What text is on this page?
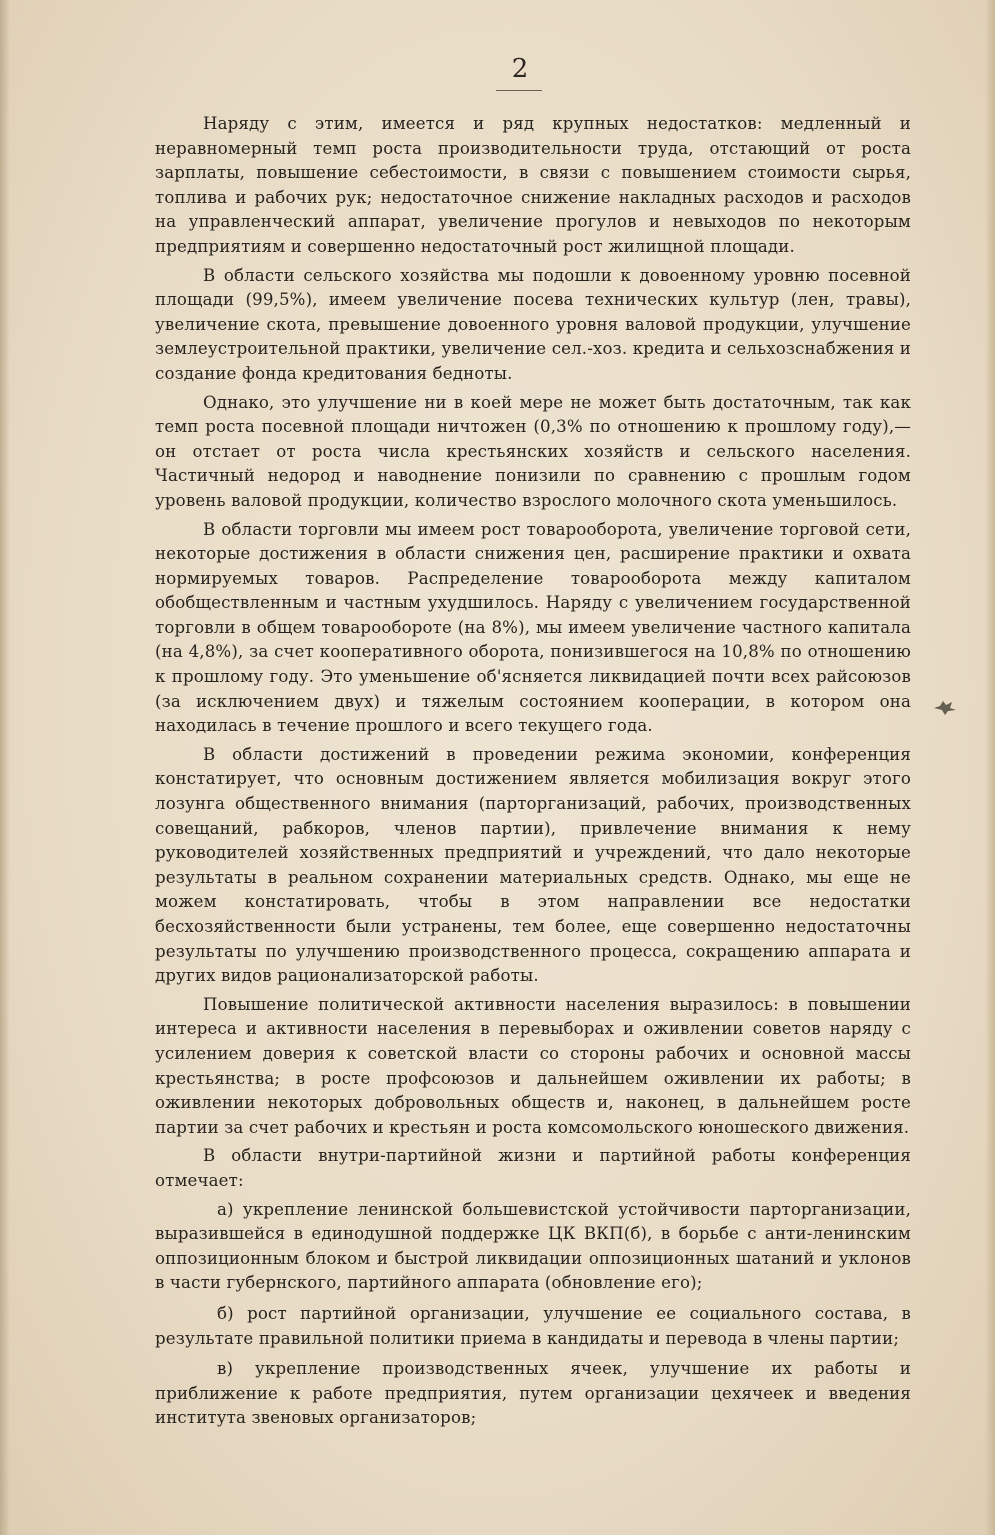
2

Наряду с этим, имеется и ряд крупных недостатков: медленный и неравномерный темп роста производительности труда, отстающий от роста зарплаты, повышение себестоимости, в связи с повышением стоимости сырья, топлива и рабочих рук; недостаточное снижение накладных расходов и расходов на управленческий аппарат, увеличение прогулов и невыходов по некоторым предприятиям и совершенно недостаточный рост жилищной площади.

В области сельского хозяйства мы подошли к довоенному уровню посевной площади (99,5%), имеем увеличение посева технических культур (лен, травы), увеличение скота, превышение довоенного уровня валовой продукции, улучшение землеустроительной практики, увеличение сел.-хоз. кредита и сельхозснабжения и создание фонда кредитования бедноты.

Однако, это улучшение ни в коей мере не может быть достаточным, так как темп роста посевной площади ничтожен (0,3% по отношению к прошлому году),—он отстает от роста числа крестьянских хозяйств и сельского населения. Частичный недород и наводнение понизили по сравнению с прошлым годом уровень валовой продукции, количество взрослого молочного скота уменьшилось.

В области торговли мы имеем рост товарооборота, увеличение торговой сети, некоторые достижения в области снижения цен, расширение практики и охвата нормируемых товаров. Распределение товарооборота между капиталом обобществленным и частным ухудшилось. Наряду с увеличением государственной торговли в общем товарообороте (на 8%), мы имеем увеличение частного капитала (на 4,8%), за счет кооперативного оборота, понизившегося на 10,8% по отношению к прошлому году. Это уменьшение об'ясняется ликвидацией почти всех райсоюзов (за исключением двух) и тяжелым состоянием кооперации, в котором она находилась в течение прошлого и всего текущего года.

В области достижений в проведении режима экономии, конференция констатирует, что основным достижением является мобилизация вокруг этого лозунга общественного внимания (парторганизаций, рабочих, производственных совещаний, рабкоров, членов партии), привлечение внимания к нему руководителей хозяйственных предприятий и учреждений, что дало некоторые результаты в реальном сохранении материальных средств. Однако, мы еще не можем констатировать, чтобы в этом направлении все недостатки бесхозяйственности были устранены, тем более, еще совершенно недостаточны результаты по улучшению производственного процесса, сокращению аппарата и других видов рационализаторской работы.

Повышение политической активности населения выразилось: в повышении интереса и активности населения в перевыборах и оживлении советов наряду с усилением доверия к советской власти со стороны рабочих и основной массы крестьянства; в росте профсоюзов и дальнейшем оживлении их работы; в оживлении некоторых добровольных обществ и, наконец, в дальнейшем росте партии за счет рабочих и крестьян и роста комсомольского юношеского движения.

В области внутри-партийной жизни и партийной работы конференция отмечает:

а) укрепление ленинской большевистской устойчивости парторганизации, выразившейся в единодушной поддержке ЦК ВКП(б), в борьбе с анти-ленинским оппозиционным блоком и быстрой ликвидации оппозиционных шатаний и уклонов в части губернского, партийного аппарата (обновление его);

б) рост партийной организации, улучшение ее социального состава, в результате правильной политики приема в кандидаты и перевода в члены партии;

в) укрепление производственных ячеек, улучшение их работы и приближение к работе предприятия, путем организации цехячеек и введения института звеновых организаторов;
